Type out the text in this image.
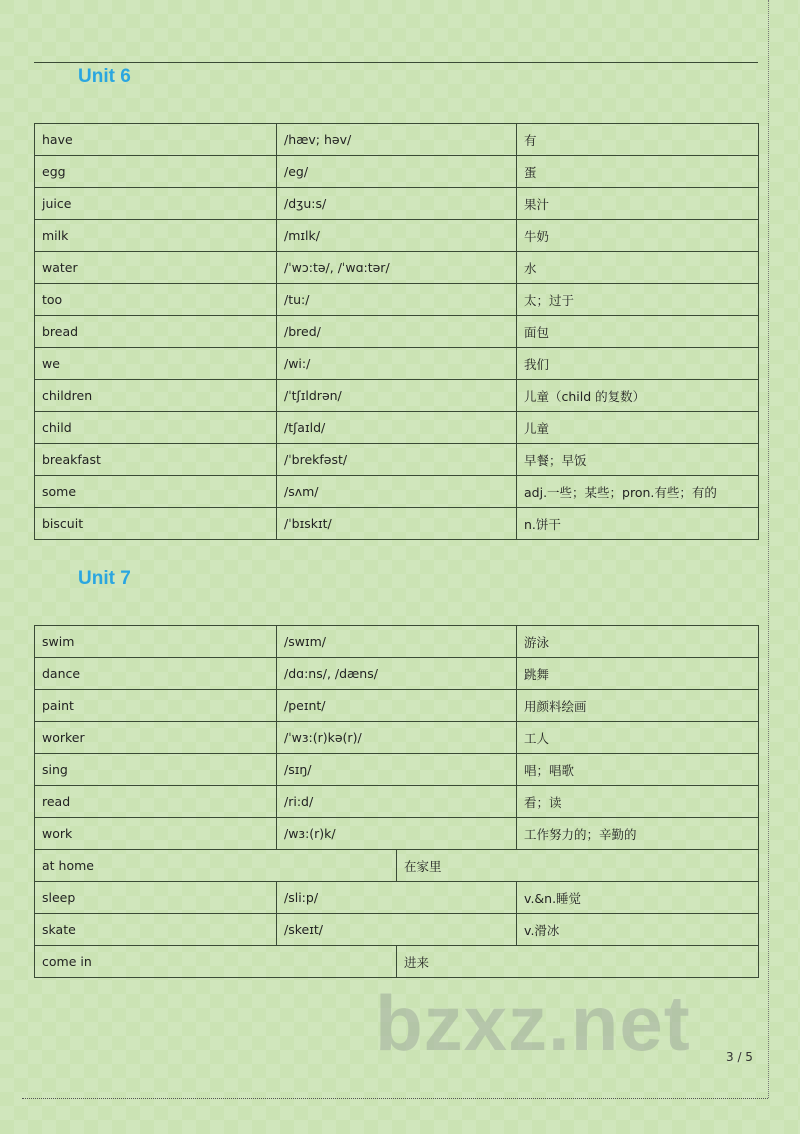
Unit 6
have	/hæv; həv/	有
egg	/eg/	蛋
juice	/dʒu:s/	果汁
milk	/mɪlk/	牛奶
water	/ˈwɔ:tə/, /ˈwɑ:tər/	水
too	/tu:/	太；过于
bread	/bred/	面包
we	/wi:/	我们
children	/ˈtʃɪldrən/	儿童（child 的复数）
child	/tʃaɪld/	儿童
breakfast	/ˈbrekfəst/	早餐；早饭
some	/sʌm/	adj.一些；某些；pron.有些；有的
biscuit	/ˈbɪskɪt/	n.饼干
Unit 7
swim	/swɪm/		游泳
dance	/dɑ:ns/, /dæns/		跳舞
paint	/peɪnt/		用颜料绘画
worker	/ˈwɜ:(r)kə(r)/		工人
sing	/sɪŋ/		唱；唱歌
read	/ri:d/		看；读
work	/wɜ:(r)k/		工作努力的；辛勤的
at home		在家里	
sleep	/sli:p/		v.&n.睡觉
skate	/skeɪt/		v.滑冰
come in		进来	
bzxz.net	3 / 5
